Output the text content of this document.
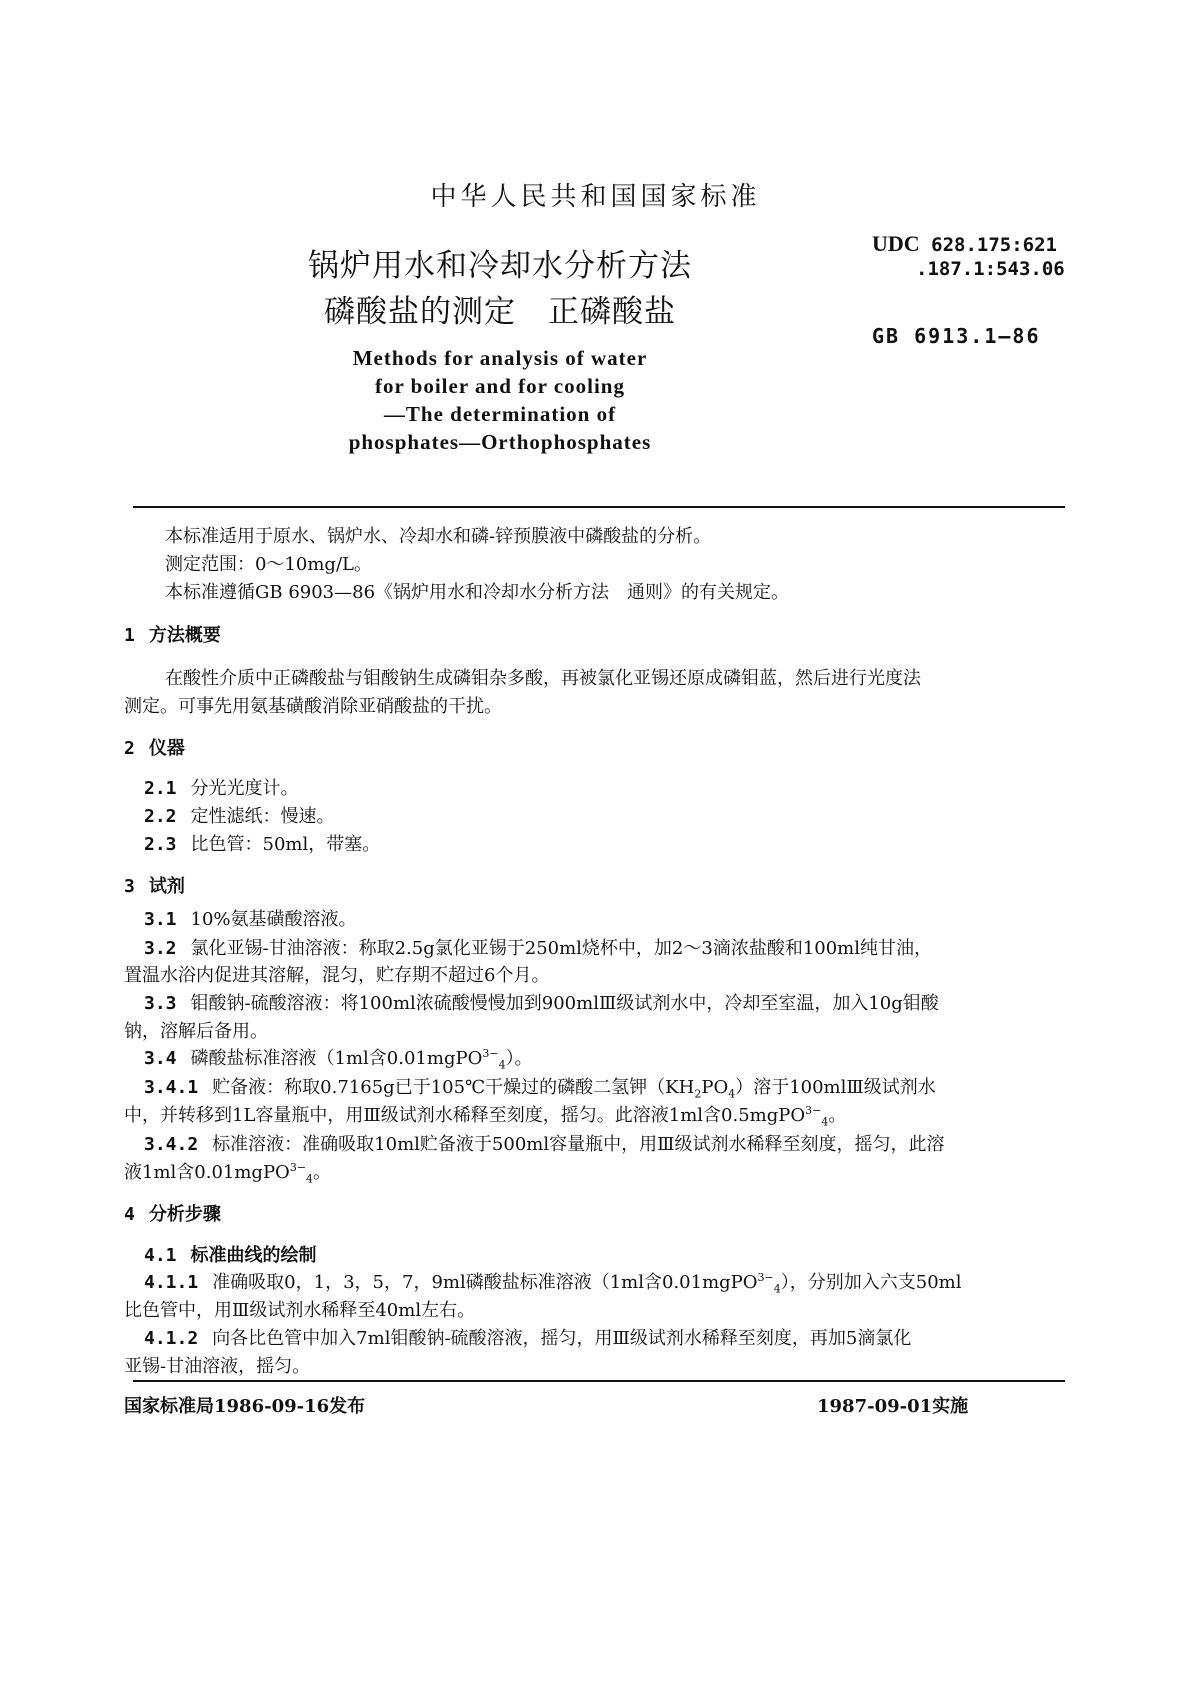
中华人民共和国国家标准
锅炉用水和冷却水分析方法
磷酸盐的测定　正磷酸盐
UDC 628.175:621
.187.1:543.06
GB 6913.1—86
Methods for analysis of water
for boiler and for cooling
—The determination of
phosphates—Orthophosphates
本标准适用于原水、锅炉水、冷却水和磷-锌预膜液中磷酸盐的分析。
测定范围：0～10mg/L。
本标准遵循GB 6903—86《锅炉用水和冷却水分析方法　通则》的有关规定。
1 方法概要
在酸性介质中正磷酸盐与钼酸钠生成磷钼杂多酸，再被氯化亚锡还原成磷钼蓝，然后进行光度法
测定。可事先用氨基磺酸消除亚硝酸盐的干扰。
2 仪器
2.1 分光光度计。
2.2 定性滤纸：慢速。
2.3 比色管：50ml，带塞。
3 试剂
3.1 10%氨基磺酸溶液。
3.2 氯化亚锡-甘油溶液：称取2.5g氯化亚锡于250ml烧杯中，加2～3滴浓盐酸和100ml纯甘油，
置温水浴内促进其溶解，混匀，贮存期不超过6个月。
3.3 钼酸钠-硫酸溶液：将100ml浓硫酸慢慢加到900mlⅢ级试剂水中，冷却至室温，加入10g钼酸
钠，溶解后备用。
3.4 磷酸盐标准溶液（1ml含0.01mgPO$^{3-}_4$）。
3.4.1 贮备液：称取0.7165g已于105℃干燥过的磷酸二氢钾$(KH_2PO_4)$溶于100mlⅢ级试剂水
中，并转移到1L容量瓶中，用Ⅲ级试剂水稀释至刻度，摇匀。此溶液1ml含0.5mgPO$^{3-}_4$。
3.4.2 标准溶液：准确吸取10ml贮备液于500ml容量瓶中，用Ⅲ级试剂水稀释至刻度，摇匀，此溶
液1ml含0.01mgPO$^{3-}_4$。
4 分析步骤
4.1 标准曲线的绘制
4.1.1 准确吸取0，1，3，5，7，9ml磷酸盐标准溶液（1ml含0.01mgPO$^{3-}_4$），分别加入六支50ml
比色管中，用Ⅲ级试剂水稀释至40ml左右。
4.1.2 向各比色管中加入7ml钼酸钠-硫酸溶液，摇匀，用Ⅲ级试剂水稀释至刻度，再加5滴氯化
亚锡-甘油溶液，摇匀。
国家标准局1986-09-16发布	1987-09-01实施
